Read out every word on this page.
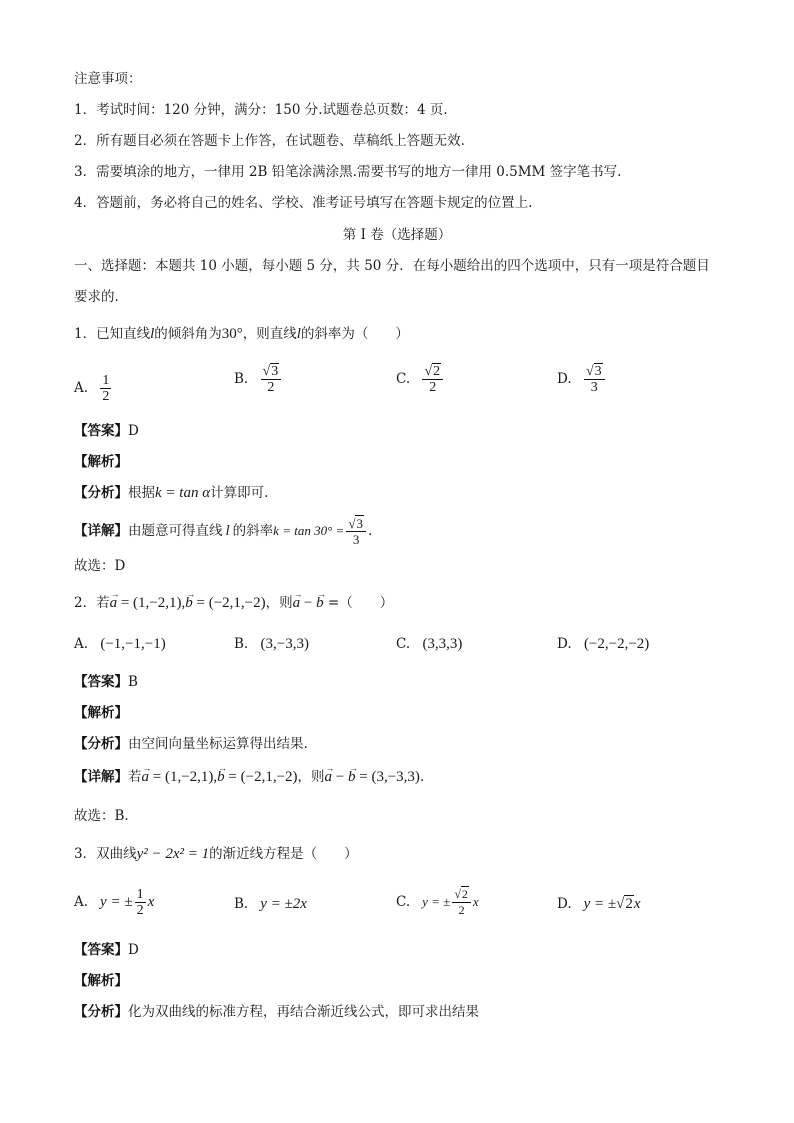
注意事项：
1．考试时间：120 分钟，满分：150 分.试题卷总页数：4 页.
2．所有题目必须在答题卡上作答，在试题卷、草稿纸上答题无效.
3．需要填涂的地方，一律用 2B 铅笔涂满涂黑.需要书写的地方一律用 0.5MM 签字笔书写.
4．答题前，务必将自己的姓名、学校、准考证号填写在答题卡规定的位置上.
第 I 卷（选择题）
一、选择题：本题共 10 小题，每小题 5 分，共 50 分．在每小题给出的四个选项中，只有一项是符合题目
要求的.
1．已知直线l的倾斜角为30°，则直线l的斜率为（　　）
A. $\frac{1}{2}$	B. $\frac{√3}{2}$	C. $\frac{√2}{2}$	D. $\frac{√3}{3}$
【答案】D
【解析】
【分析】根据k = tan α计算即可.
【详解】由题意可得直线 l 的斜率$k = \tan 30^\circ = \frac{√3}{3}$ .
故选：D
2．若
→
a = (1,−2,1),
→
b = (−2,1,−2)，则
→
a −
→
b =（　　）
A. (−1,−1,−1)	B. (3,−3,3)	C. (3,3,3)	D. (−2,−2,−2)
【答案】B
【解析】
【分析】由空间向量坐标运算得出结果.
【详解】若
→
a = (1,−2,1),
→
b = (−2,1,−2)，则
→
a −
→
b = (3,−3,3).
故选：B.
3．双曲线y² − 2x² = 1的渐近线方程是（　　）
A. y = ± $\frac{1}{2}$ x	B. y = ±2x	C. y = ± $\frac{√2}{2}$ x	D. y = ±√2x
【答案】D
【解析】
【分析】化为双曲线的标准方程，再结合渐近线公式，即可求出结果
